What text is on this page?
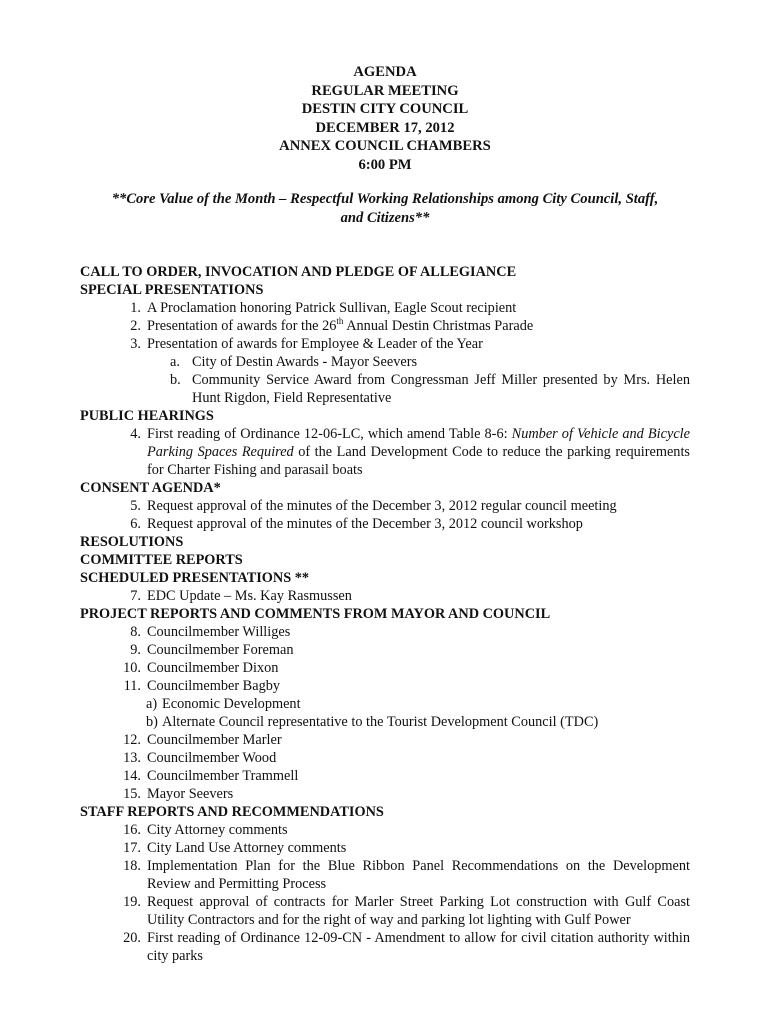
AGENDA
REGULAR MEETING
DESTIN CITY COUNCIL
DECEMBER 17, 2012
ANNEX COUNCIL CHAMBERS
6:00 PM
**Core Value of the Month – Respectful Working Relationships among City Council, Staff,
and Citizens**
CALL TO ORDER, INVOCATION AND PLEDGE OF ALLEGIANCE
SPECIAL PRESENTATIONS
1. A Proclamation honoring Patrick Sullivan, Eagle Scout recipient
2. Presentation of awards for the 26th Annual Destin Christmas Parade
3. Presentation of awards for Employee & Leader of the Year
a. City of Destin Awards - Mayor Seevers
b. Community Service Award from Congressman Jeff Miller presented by Mrs. Helen Hunt Rigdon, Field Representative
PUBLIC HEARINGS
4. First reading of Ordinance 12-06-LC, which amend Table 8-6: Number of Vehicle and Bicycle Parking Spaces Required of the Land Development Code to reduce the parking requirements for Charter Fishing and parasail boats
CONSENT AGENDA*
5. Request approval of the minutes of the December 3, 2012 regular council meeting
6. Request approval of the minutes of the December 3, 2012 council workshop
RESOLUTIONS
COMMITTEE REPORTS
SCHEDULED PRESENTATIONS **
7. EDC Update – Ms. Kay Rasmussen
PROJECT REPORTS AND COMMENTS FROM MAYOR AND COUNCIL
8. Councilmember Williges
9. Councilmember Foreman
10. Councilmember Dixon
11. Councilmember Bagby
a) Economic Development
b) Alternate Council representative to the Tourist Development Council (TDC)
12. Councilmember Marler
13. Councilmember Wood
14. Councilmember Trammell
15. Mayor Seevers
STAFF REPORTS AND RECOMMENDATIONS
16. City Attorney comments
17. City Land Use Attorney comments
18. Implementation Plan for the Blue Ribbon Panel Recommendations on the Development Review and Permitting Process
19. Request approval of contracts for Marler Street Parking Lot construction with Gulf Coast Utility Contractors and for the right of way and parking lot lighting with Gulf Power
20. First reading of Ordinance 12-09-CN - Amendment to allow for civil citation authority within city parks
